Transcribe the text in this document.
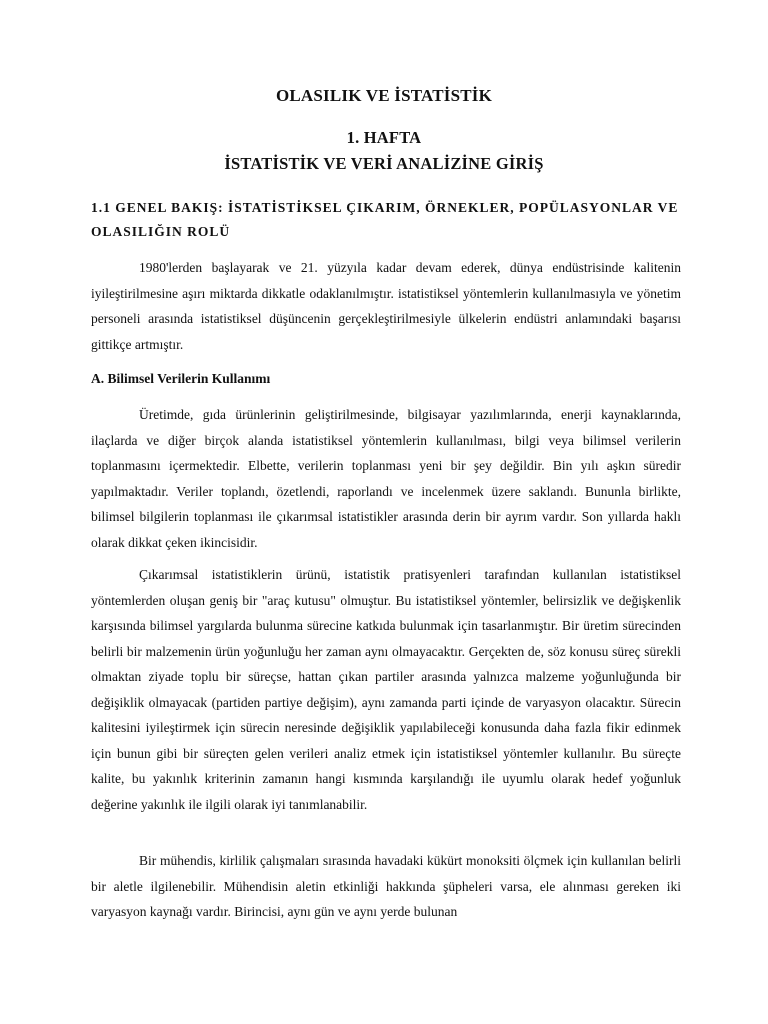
OLASILIK VE İSTATİSTİK
1. HAFTA
İSTATİSTİK VE VERİ ANALİZİNE GİRİŞ
1.1 GENEL BAKIŞ: İSTATİSTİKSEL ÇIKARIM, ÖRNEKLER, POPÜLASYONLAR VE OLASILIĞIN ROLÜ
1980'lerden başlayarak ve 21. yüzyıla kadar devam ederek, dünya endüstrisinde kalitenin iyileştirilmesine aşırı miktarda dikkatle odaklanılmıştır. istatistiksel yöntemlerin kullanılmasıyla ve yönetim personeli arasında istatistiksel düşüncenin gerçekleştirilmesiyle ülkelerin endüstri anlamındaki başarısı gittikçe artmıştır.
A. Bilimsel Verilerin Kullanımı
Üretimde, gıda ürünlerinin geliştirilmesinde, bilgisayar yazılımlarında, enerji kaynaklarında, ilaçlarda ve diğer birçok alanda istatistiksel yöntemlerin kullanılması, bilgi veya bilimsel verilerin toplanmasını içermektedir. Elbette, verilerin toplanması yeni bir şey değildir. Bin yılı aşkın süredir yapılmaktadır. Veriler toplandı, özetlendi, raporlandı ve incelenmek üzere saklandı. Bununla birlikte, bilimsel bilgilerin toplanması ile çıkarımsal istatistikler arasında derin bir ayrım vardır. Son yıllarda haklı olarak dikkat çeken ikincisidir.
Çıkarımsal istatistiklerin ürünü, istatistik pratisyenleri tarafından kullanılan istatistiksel yöntemlerden oluşan geniş bir "araç kutusu" olmuştur. Bu istatistiksel yöntemler, belirsizlik ve değişkenlik karşısında bilimsel yargılarda bulunma sürecine katkıda bulunmak için tasarlanmıştır. Bir üretim sürecinden belirli bir malzemenin ürün yoğunluğu her zaman aynı olmayacaktır. Gerçekten de, söz konusu süreç sürekli olmaktan ziyade toplu bir süreçse, hattan çıkan partiler arasında yalnızca malzeme yoğunluğunda bir değişiklik olmayacak (partiden partiye değişim), aynı zamanda parti içinde de varyasyon olacaktır. Sürecin kalitesini iyileştirmek için sürecin neresinde değişiklik yapılabileceği konusunda daha fazla fikir edinmek için bunun gibi bir süreçten gelen verileri analiz etmek için istatistiksel yöntemler kullanılır. Bu süreçte kalite, bu yakınlık kriterinin zamanın hangi kısmında karşılandığı ile uyumlu olarak hedef yoğunluk değerine yakınlık ile ilgili olarak iyi tanımlanabilir.
Bir mühendis, kirlilik çalışmaları sırasında havadaki kükürt monoksiti ölçmek için kullanılan belirli bir aletle ilgilenebilir. Mühendisin aletin etkinliği hakkında şüpheleri varsa, ele alınması gereken iki varyasyon kaynağı vardır. Birincisi, aynı gün ve aynı yerde bulunan
